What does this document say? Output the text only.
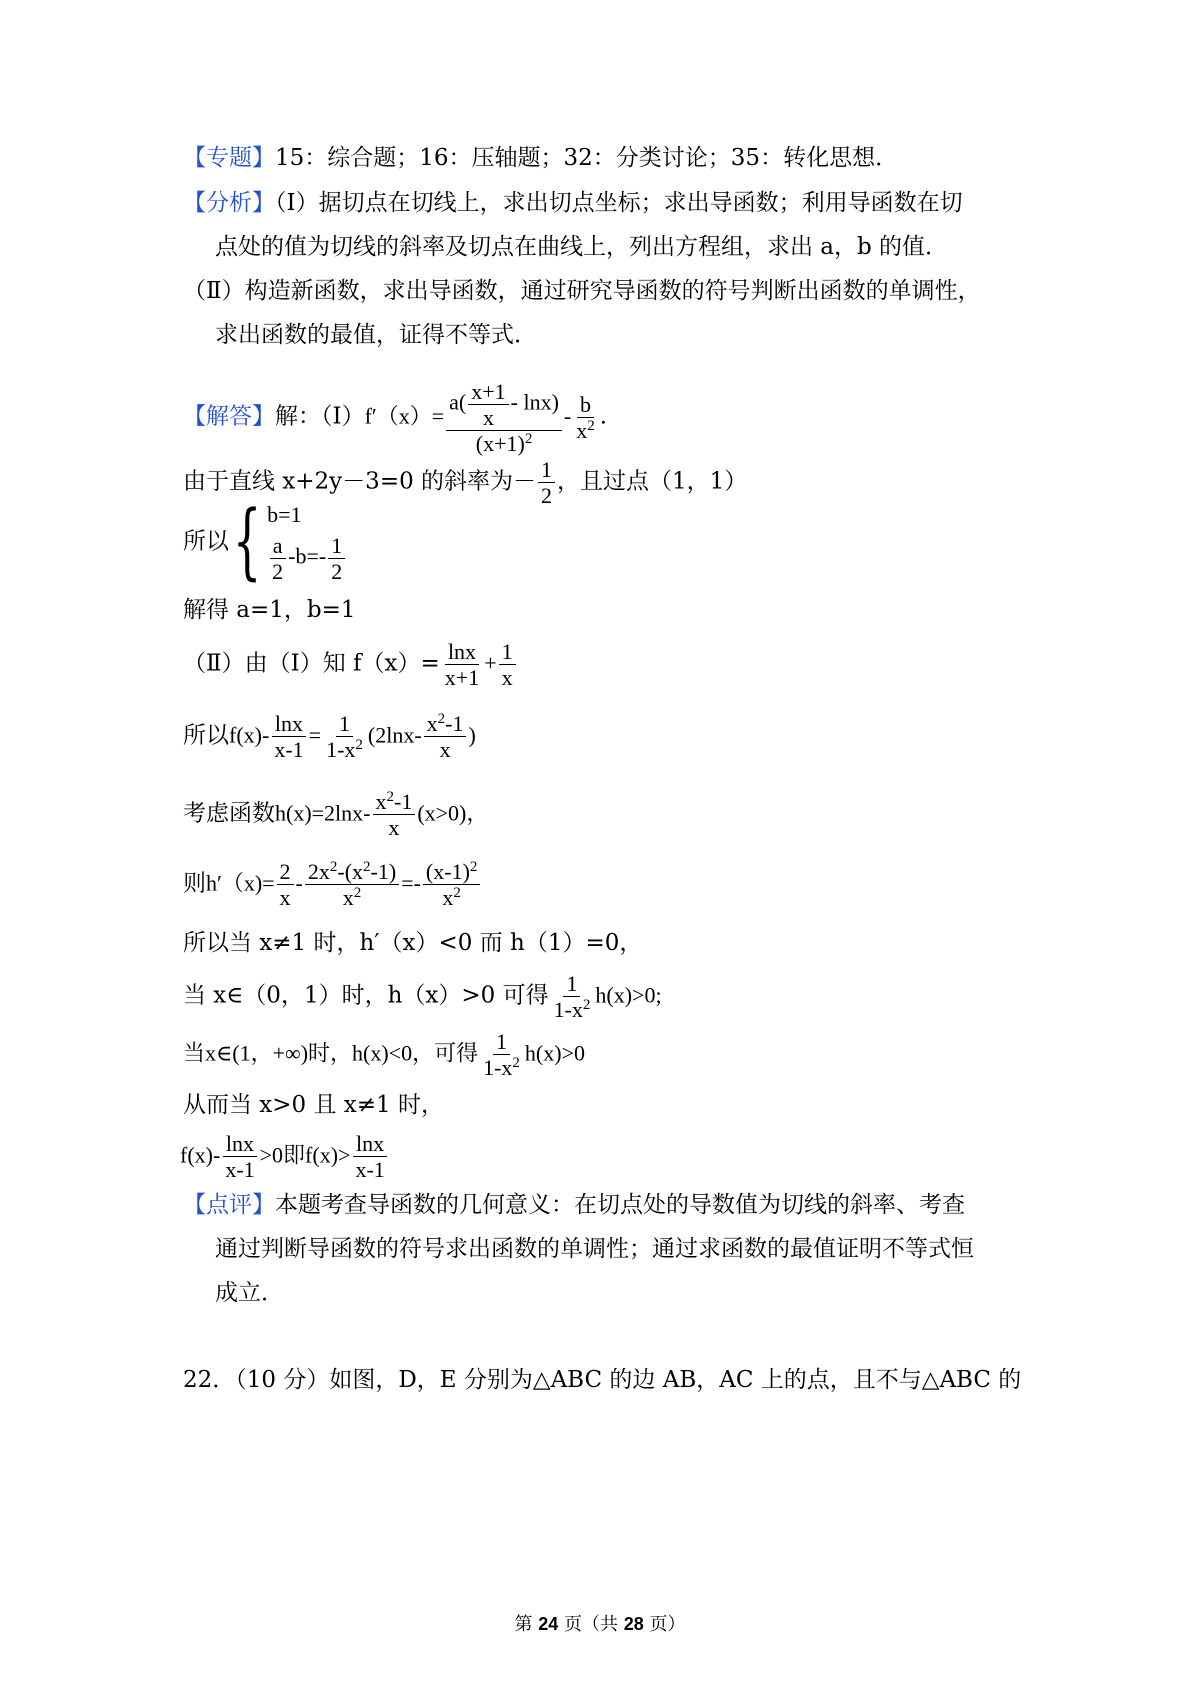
【专题】15：综合题；16：压轴题；32：分类讨论；35：转化思想．
【分析】（Ⅰ）据切点在切线上，求出切点坐标；求出导函数；利用导函数在切
点处的值为切线的斜率及切点在曲线上，列出方程组，求出 a，b 的值．
（Ⅱ）构造新函数，求出导函数，通过研究导函数的符号判断出函数的单调性，
求出函数的最值，证得不等式．
【解答】解：（Ⅰ）f′（x）= $\frac{a( \frac{x+1}{x} - \ln x)}{(x+1)^2} - \frac{b}{x^2}$ .
由于直线 x+2y－3=0 的斜率为－ $\frac{1}{2}$ ，且过点（1，1）
所以 { b=1
$\frac{a}{2} -b=- \frac{1}{2}$
解得 a=1，b=1
（Ⅱ）由（Ⅰ）知 $f(x)= \frac{\ln x}{x+1} + \frac{1}{x}$
所以$f(x)- \frac{\ln x}{x-1} = \frac{1}{1-x^2} (2\ln x- \frac{x^2-1}{x}$ )
考虑函数$h(x)=2\ln x- \frac{x^2-1}{x} (x>0)$，
则$h'(x)= \frac{2}{x} - \frac{2x^2-(x^2-1)}{x^2} =- \frac{(x-1)^2}{x^2}$
所以当 x≠1 时，h′（x）<0 而 h（1）=0，
当 x∈（0，1）时，h（x）>0 可得 $\frac{1}{1-x^2} h(x)>0$;
当x∈(1，+∞)时，h(x)<0，可得 $\frac{1}{1-x^2} h(x)>0$
从而当 x>0 且 x≠1 时，
$f(x)- \frac{\ln x}{x-1} >0$即$f(x)> \frac{\ln x}{x-1}$
【点评】本题考查导函数的几何意义：在切点处的导数值为切线的斜率、考查
通过判断导函数的符号求出函数的单调性；通过求函数的最值证明不等式恒
成立．
22．（10 分）如图，D，E 分别为△ABC 的边 AB，AC 上的点，且不与△ABC 的
第 24 页（共 28 页）
